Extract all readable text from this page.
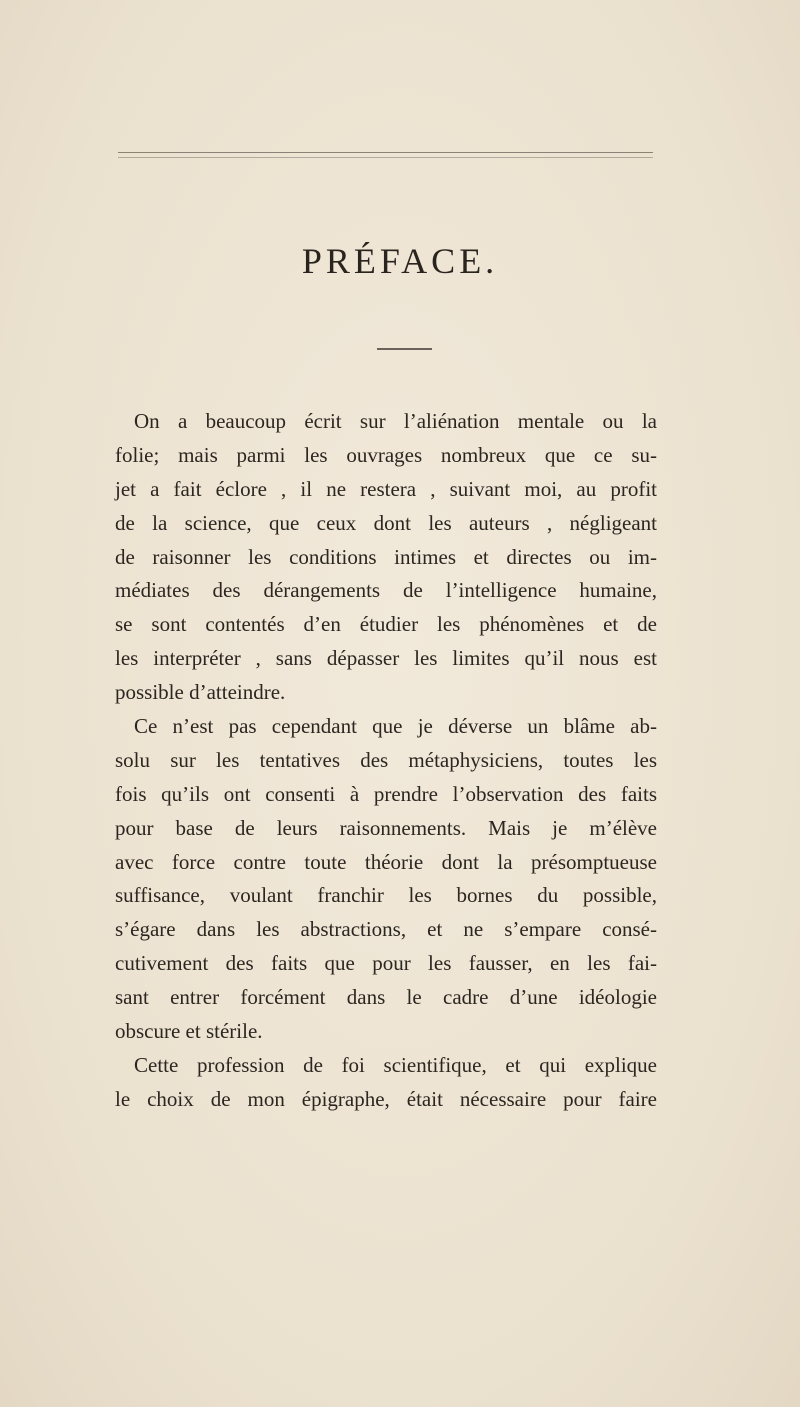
PRÉFACE.
On a beaucoup écrit sur l’aliénation mentale ou la
folie; mais parmi les ouvrages nombreux que ce su-
jet a fait éclore , il ne restera , suivant moi, au profit
de la science, que ceux dont les auteurs , négligeant
de raisonner les conditions intimes et directes ou im-
médiates des dérangements de l’intelligence humaine,
se sont contentés d’en étudier les phénomènes et de
les interpréter , sans dépasser les limites qu’il nous est
possible d’atteindre.
Ce n’est pas cependant que je déverse un blâme ab-
solu sur les tentatives des métaphysiciens, toutes les
fois qu’ils ont consenti à prendre l’observation des faits
pour base de leurs raisonnements. Mais je m’élève
avec force contre toute théorie dont la présomptueuse
suffisance, voulant franchir les bornes du possible,
s’égare dans les abstractions, et ne s’empare consé-
cutivement des faits que pour les fausser, en les fai-
sant entrer forcément dans le cadre d’une idéologie
obscure et stérile.
Cette profession de foi scientifique, et qui explique
le choix de mon épigraphe, était nécessaire pour faire
